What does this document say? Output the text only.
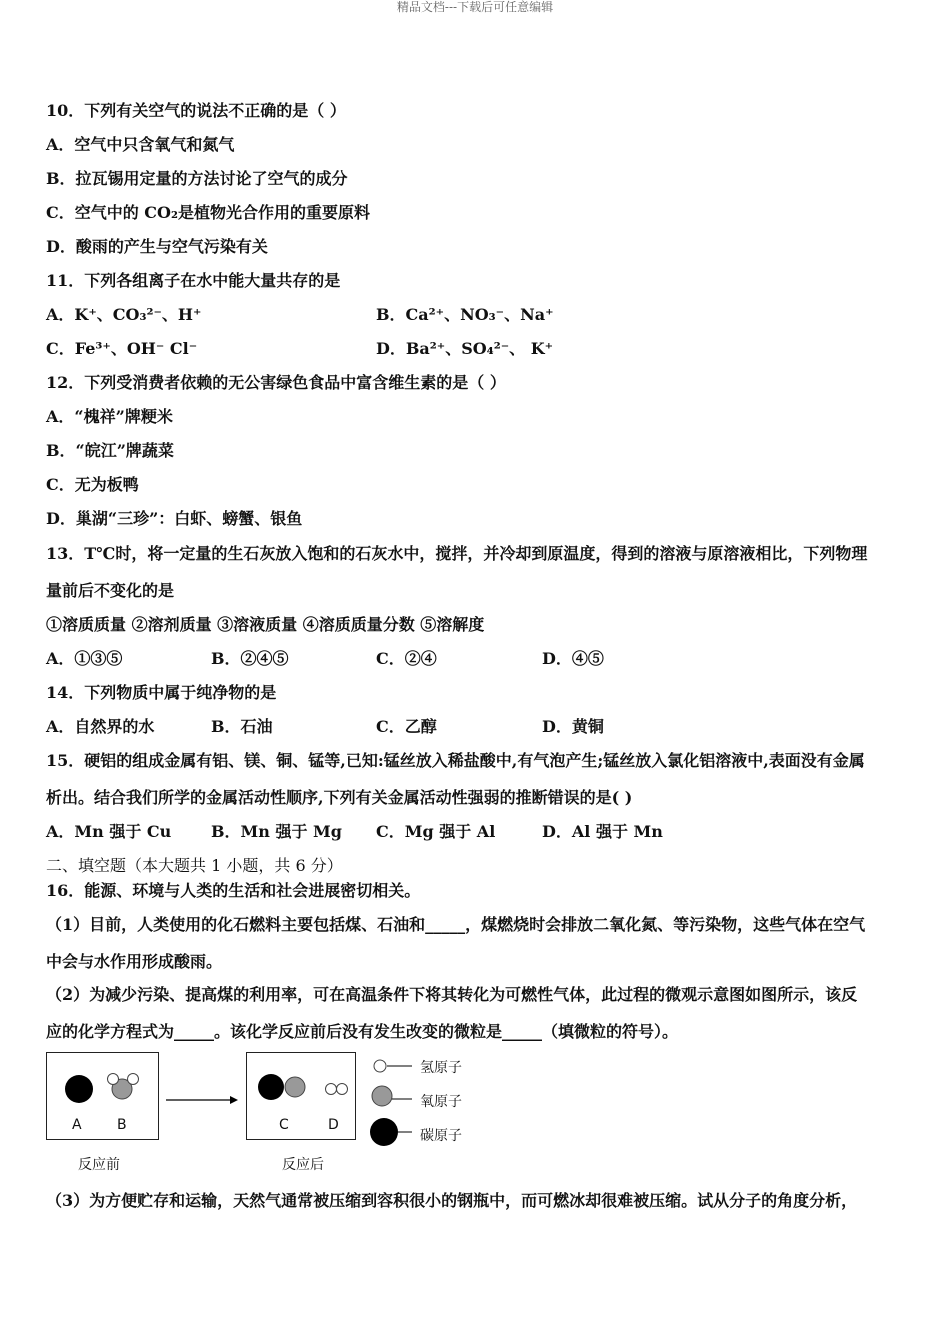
精品文档---下载后可任意编辑
10．下列有关空气的说法不正确的是（ ）
A．空气中只含氧气和氮气
B．拉瓦锡用定量的方法讨论了空气的成分
C．空气中的 CO₂是植物光合作用的重要原料
D．酸雨的产生与空气污染有关
11．下列各组离子在水中能大量共存的是
A．K⁺、CO₃²⁻、H⁺	B．Ca²⁺、NO₃⁻、Na⁺
C．Fe³⁺、OH⁻ Cl⁻	D．Ba²⁺、SO₄²⁻、 K⁺
12．下列受消费者依赖的无公害绿色食品中富含维生素的是（ ）
A．“槐祥”牌粳米
B．“皖江”牌蔬菜
C．无为板鸭
D．巢湖“三珍”：白虾、螃蟹、银鱼
13．T℃时，将一定量的生石灰放入饱和的石灰水中，搅拌，并冷却到原温度，得到的溶液与原溶液相比，下列物理
量前后不变化的是
①溶质质量 ②溶剂质量 ③溶液质量 ④溶质质量分数 ⑤溶解度
A．①③⑤	B．②④⑤	C．②④	D．④⑤
14．下列物质中属于纯净物的是
A．自然界的水	B．石油	C．乙醇	D．黄铜
15．硬铝的组成金属有铝、镁、铜、锰等,已知:锰丝放入稀盐酸中,有气泡产生;锰丝放入氯化铝溶液中,表面没有金属
析出。结合我们所学的金属活动性顺序,下列有关金属活动性强弱的推断错误的是( )
A．Mn 强于 Cu B．Mn 强于 Mg C．Mg 强于 Al	D．Al 强于 Mn
二、填空题（本大题共 1 小题，共 6 分）
16．能源、环境与人类的生活和社会进展密切相关。
（1）目前，人类使用的化石燃料主要包括煤、石油和_____，煤燃烧时会排放二氧化氮、等污染物，这些气体在空气
中会与水作用形成酸雨。
（2）为减少污染、提高煤的利用率，可在高温条件下将其转化为可燃性气体，此过程的微观示意图如图所示，该反
应的化学方程式为_____。该化学反应前后没有发生改变的微粒是_____（填微粒的符号）。
A	B	C	D
氢原子
氧原子
碳原子
反应前	反应后
（3）为方便贮存和运输，天然气通常被压缩到容积很小的钢瓶中，而可燃冰却很难被压缩。试从分子的角度分析，
